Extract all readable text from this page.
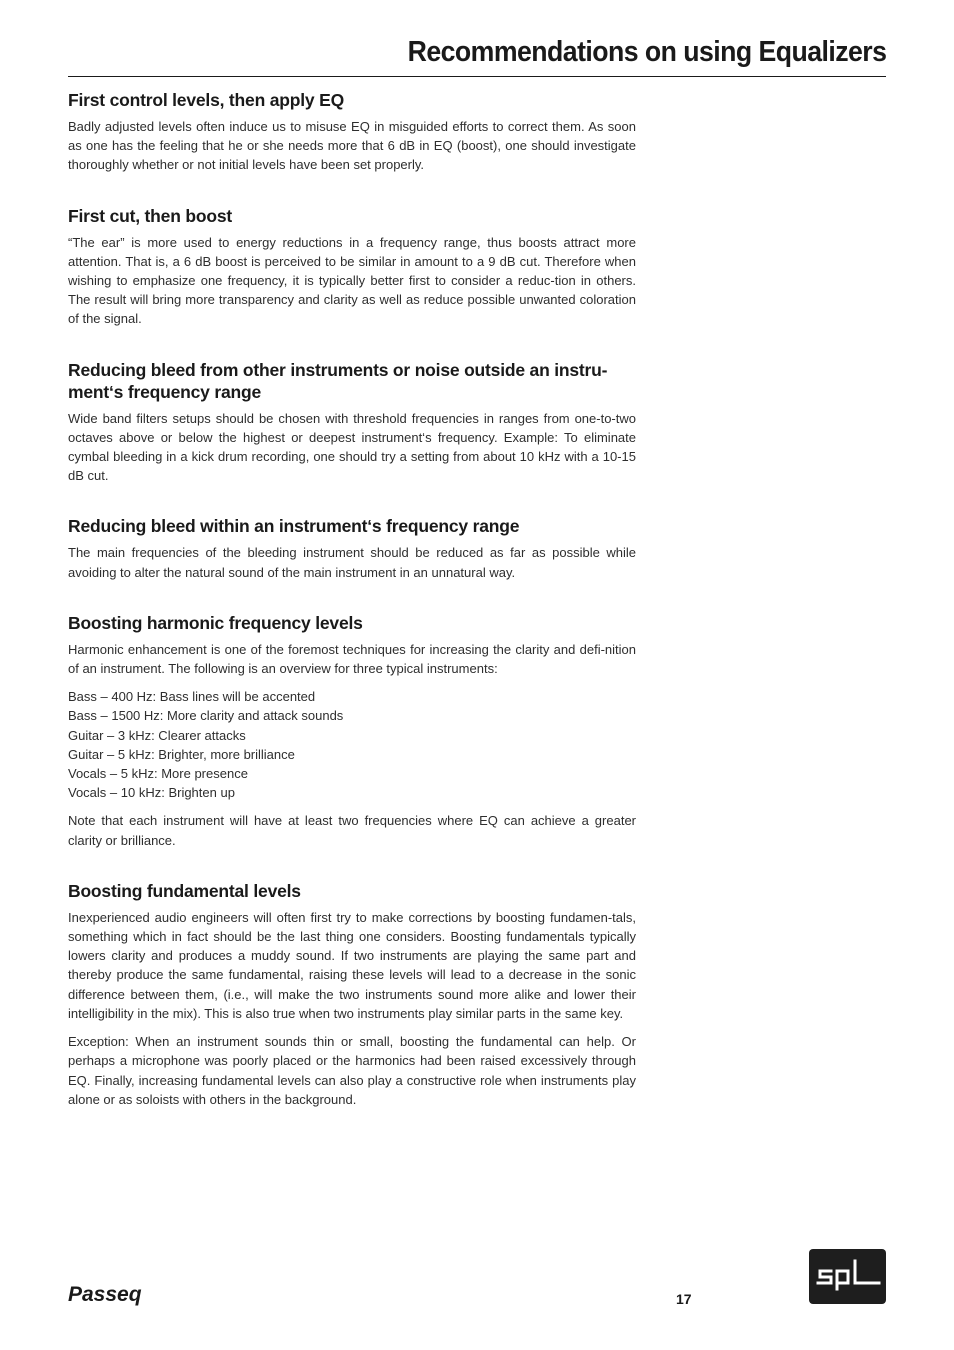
Recommendations on using Equalizers
First control levels, then apply EQ

Badly adjusted levels often induce us to misuse EQ in misguided efforts to correct them. As soon as one has the feeling that he or she needs more that 6 dB in EQ (boost), one should investigate thoroughly whether or not initial levels have been set properly.

First cut, then boost

“The ear” is more used to energy reductions in a frequency range, thus boosts attract more attention. That is, a 6 dB boost is perceived to be similar in amount to a 9 dB cut. Therefore when wishing to emphasize one frequency, it is typically better first to consider a reduc-tion in others. The result will bring more transparency and clarity as well as reduce possible unwanted coloration of the signal.

Reducing bleed from other instruments or noise outside an instru-ment‘s frequency range

Wide band filters setups should be chosen with threshold frequencies in ranges from one-to-two octaves above or below the highest or deepest instrument‘s frequency. Example: To eliminate cymbal bleeding in a kick drum recording, one should try a setting from about 10 kHz with a 10-15 dB cut.

Reducing bleed within an instrument‘s frequency range

The main frequencies of the bleeding instrument should be reduced as far as possible while avoiding to alter the natural sound of the main instrument in an unnatural way.

Boosting harmonic frequency levels

Harmonic enhancement is one of the foremost techniques for increasing the clarity and defi-nition of an instrument. The following is an overview for three typical instruments:

Bass – 400 Hz: Bass lines will be accented
Bass – 1500 Hz: More clarity and attack sounds
Guitar – 3 kHz: Clearer attacks
Guitar – 5 kHz: Brighter, more brilliance
Vocals – 5 kHz: More presence
Vocals – 10 kHz: Brighten up

Note that each instrument will have at least two frequencies where EQ can achieve a greater clarity or brilliance.

Boosting fundamental levels

Inexperienced audio engineers will often first try to make corrections by boosting fundamen-tals, something which in fact should be the last thing one considers. Boosting fundamentals typically lowers clarity and produces a muddy sound. If two instruments are playing the same part and thereby produce the same fundamental, raising these levels will lead to a decrease in the sonic difference between them, (i.e., will make the two instruments sound more alike and lower their intelligibility in the mix). This is also true when two instruments play similar parts in the same key.

Exception: When an instrument sounds thin or small, boosting the fundamental can help. Or perhaps a microphone was poorly placed or the harmonics had been raised excessively through EQ. Finally, increasing fundamental levels can also play a constructive role when instruments play alone or as soloists with others in the background.

Passeq	17
